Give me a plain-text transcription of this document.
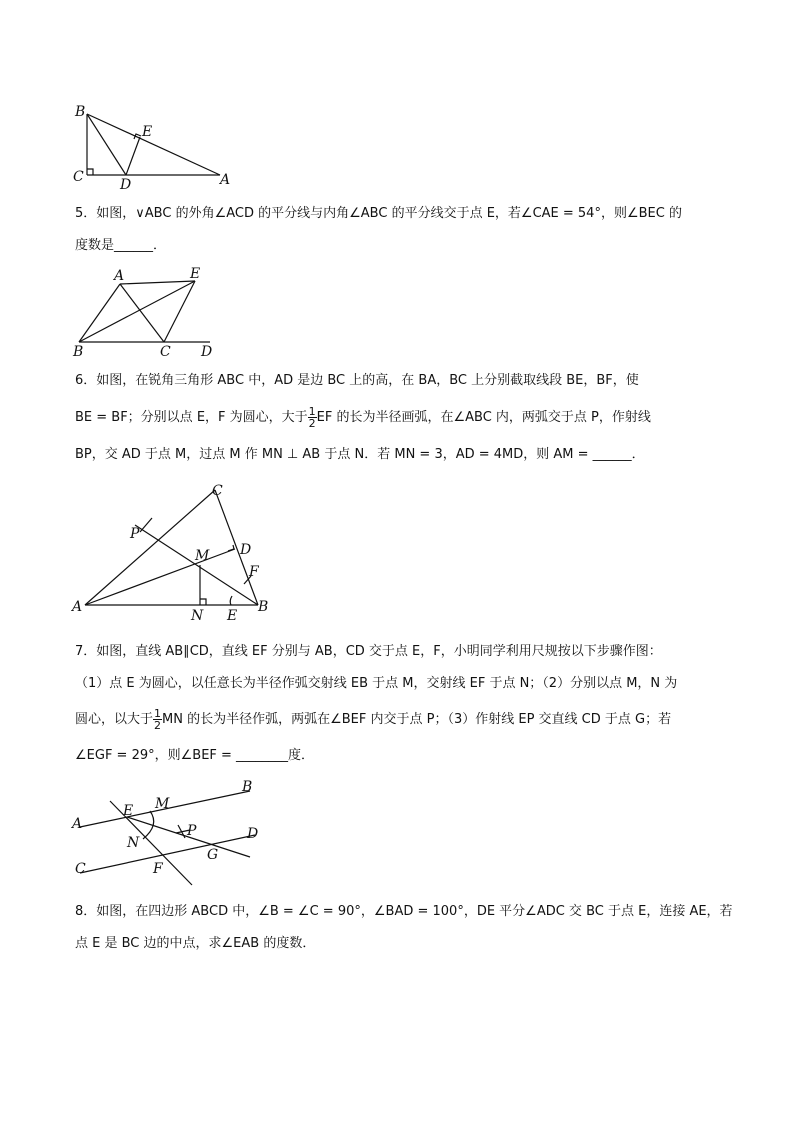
B
E
C	D	A
5．如图，∨ABC 的外角∠ACD 的平分线与内角∠ABC 的平分线交于点 E，若∠CAE = 54°，则∠BEC 的
度数是______．
A	E
B	C D
6．如图，在锐角三角形 ABC 中，AD 是边 BC 上的高，在 BA，BC 上分别截取线段 BE，BF，使
BE = BF；分别以点 E，F 为圆心，大于 $\frac{1}{2}$ EF 的长为半径画弧，在∠ABC 内，两弧交于点 P，作射线
BP，交 AD 于点 M，过点 M 作 MN ⊥ AB 于点 N．若 MN = 3，AD = 4MD，则 AM = ______．
C
P
M D
F
A
N E
B
7．如图，直线 AB∥CD，直线 EF 分别与 AB，CD 交于点 E，F，小明同学利用尺规按以下步骤作图：
（1）点 E 为圆心，以任意长为半径作弧交射线 EB 于点 M，交射线 EF 于点 N；（2）分别以点 M，N 为
圆心，以大于 $\frac{1}{2}$ MN 的长为半径作弧，两弧在∠BEF 内交于点 P；（3）作射线 EP 交直线 CD 于点 G；若
∠EGF = 29°，则∠BEF = ________度．
A
B
E M
P	D
N
F
G
C
8．如图，在四边形 ABCD 中，∠B = ∠C = 90°，∠BAD = 100°，DE 平分∠ADC 交 BC 于点 E，连接 AE，若
点 E 是 BC 边的中点，求∠EAB 的度数．
